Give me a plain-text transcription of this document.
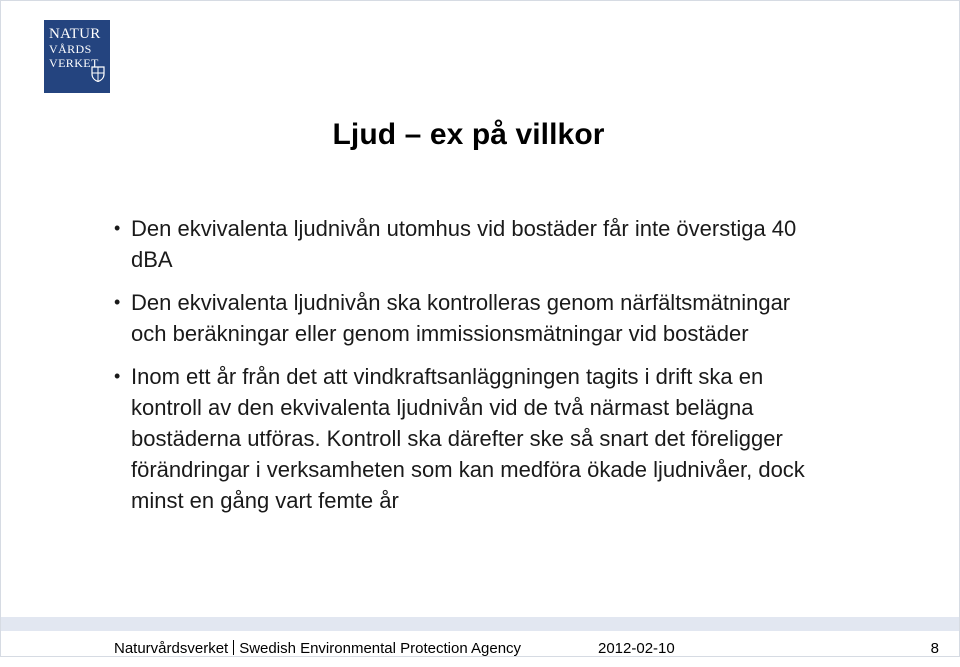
NATUR
VÅRDS
VERKET
Ljud – ex på villkor
• Den ekvivalenta ljudnivån utomhus vid bostäder får inte överstiga 40 dBA
• Den ekvivalenta ljudnivån ska kontrolleras genom närfältsmätningar och beräkningar eller genom immissionsmätningar vid bostäder
• Inom ett år från det att vindkraftsanläggningen tagits i drift ska en kontroll av den ekvivalenta ljudnivån vid de två närmast belägna bostäderna utföras. Kontroll ska därefter ske så snart det föreligger förändringar i verksamheten som kan medföra ökade ljudnivåer, dock minst en gång vart femte år
Naturvårdsverket Swedish Environmental Protection Agency	2012-02-10	8
